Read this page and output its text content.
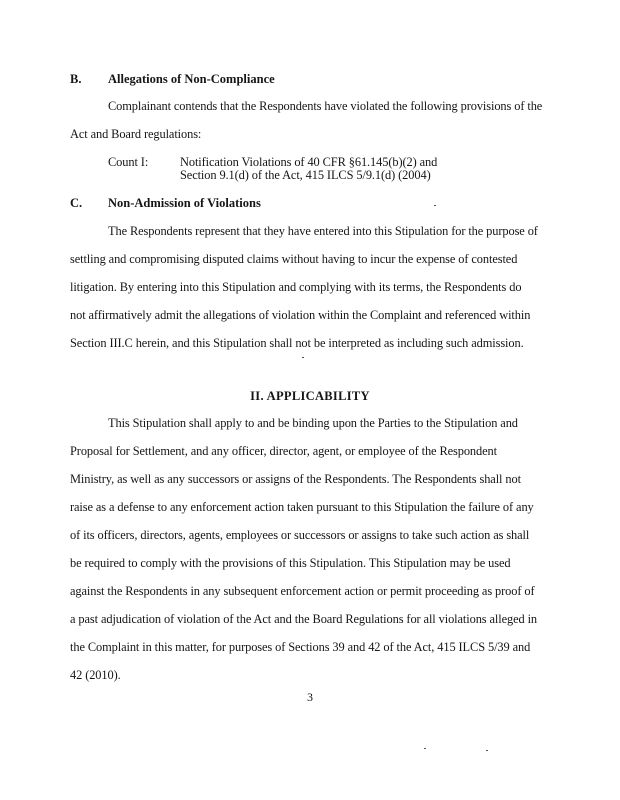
B. Allegations of Non-Compliance
Complainant contends that the Respondents have violated the following provisions of the
Act and Board regulations:
Count I:	Notification Violations of 40 CFR §61.145(b)(2) and
Section 9.1(d) of the Act, 415 ILCS 5/9.1(d) (2004)
C. Non-Admission of Violations
The Respondents represent that they have entered into this Stipulation for the purpose of
settling and compromising disputed claims without having to incur the expense of contested
litigation. By entering into this Stipulation and complying with its terms, the Respondents do
not affirmatively admit the allegations of violation within the Complaint and referenced within
Section III.C herein, and this Stipulation shall not be interpreted as including such admission.
II. APPLICABILITY
This Stipulation shall apply to and be binding upon the Parties to the Stipulation and
Proposal for Settlement, and any officer, director, agent, or employee of the Respondent
Ministry, as well as any successors or assigns of the Respondents. The Respondents shall not
raise as a defense to any enforcement action taken pursuant to this Stipulation the failure of any
of its officers, directors, agents, employees or successors or assigns to take such action as shall
be required to comply with the provisions of this Stipulation. This Stipulation may be used
against the Respondents in any subsequent enforcement action or permit proceeding as proof of
a past adjudication of violation of the Act and the Board Regulations for all violations alleged in
the Complaint in this matter, for purposes of Sections 39 and 42 of the Act, 415 ILCS 5/39 and
42 (2010).
3
